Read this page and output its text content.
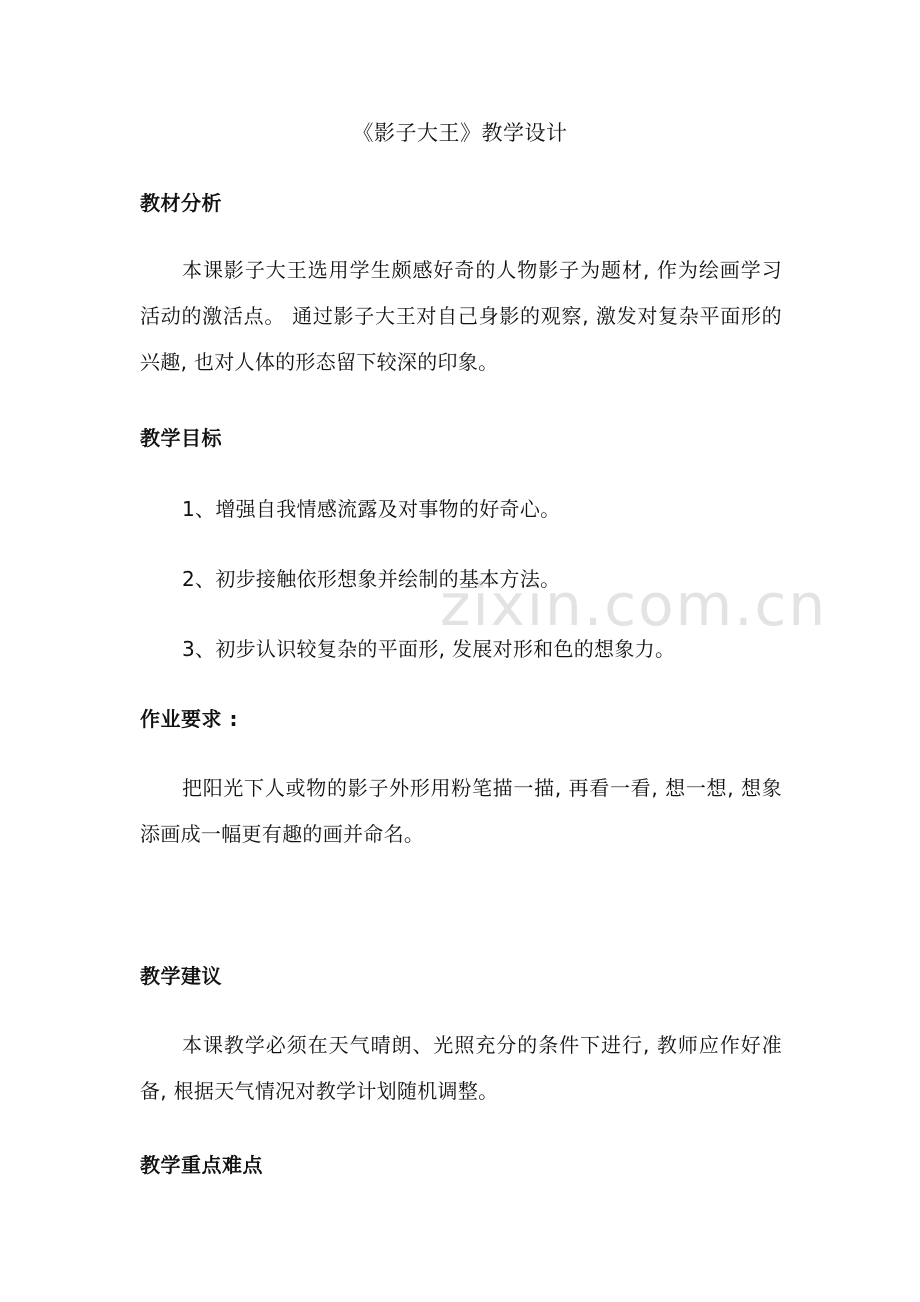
zixin.com.cn
《影子大王》教学设计
教材分析

本课影子大王选用学生颇感好奇的人物影子为题材, 作为绘画学习活动的激活点。 通过影子大王对自己身影的观察, 激发对复杂平面形的兴趣, 也对人体的形态留下较深的印象。

教学目标
1、增强自我情感流露及对事物的好奇心。
2、初步接触依形想象并绘制的基本方法。
3、初步认识较复杂的平面形, 发展对形和色的想象力。
作业要求 :

把阳光下人或物的影子外形用粉笔描一描, 再看一看, 想一想, 想象添画成一幅更有趣的画并命名。

教学建议

本课教学必须在天气晴朗、光照充分的条件下进行, 教师应作好准备, 根据天气情况对教学计划随机调整。

教学重点难点
